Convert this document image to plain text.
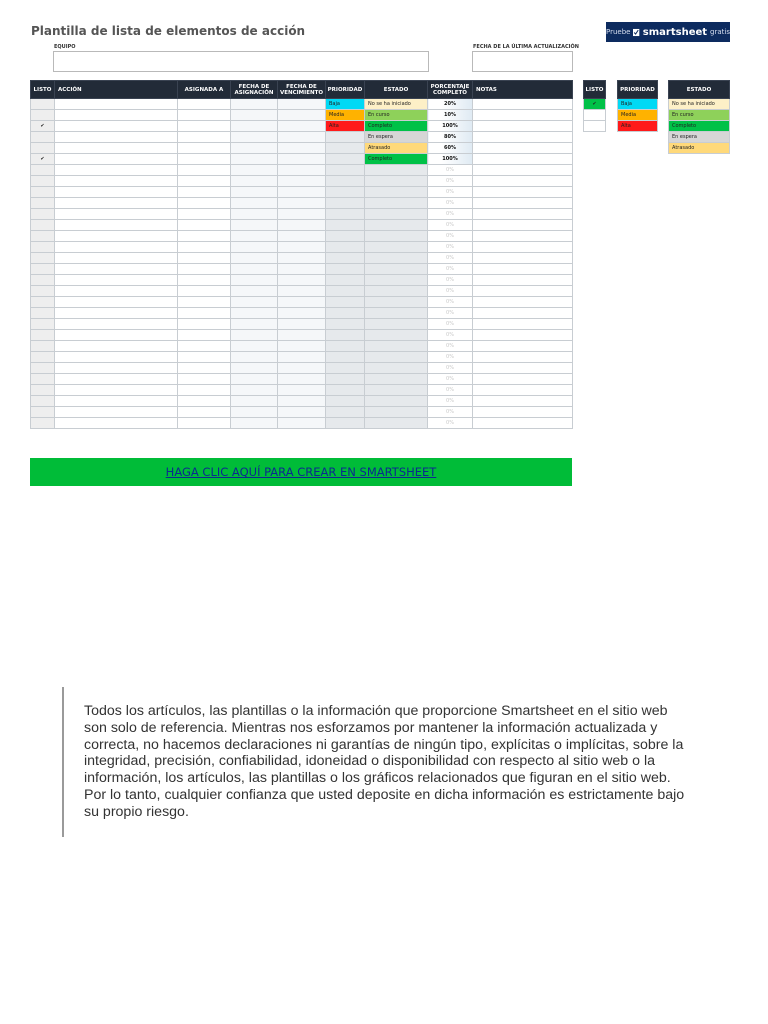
Plantilla de lista de elementos de acción	Pruebe smartsheet gratis
EQUIPO	FECHA DE LA ÚLTIMA ACTUALIZACIÓN
LISTO	ACCIÓN	ASIGNADA A	FECHA DE ASIGNACIÓN	FECHA DE VENCIMIENTO	PRIORIDAD	ESTADO	PORCENTAJE COMPLETO	NOTAS
					Baja	No se ha iniciado	20%	
					Media	En curso	10%	
✔					Alta	Completo	100%	
						En espera	80%	
						Atrasado	60%	
✔						Completo	100%	
							0%	
							0%	
							0%	
							0%	
							0%	
							0%	
							0%	
							0%	
							0%	
							0%	
							0%	
							0%	
							0%	
							0%	
							0%	
							0%	
							0%	
							0%	
							0%	
							0%	
							0%	
							0%	
							0%	
							0%	
LISTO
✔

PRIORIDAD
Baja
Media
Alta
ESTADO
No se ha iniciado
En curso
Completo
En espera
Atrasado
HAGA CLIC AQUÍ PARA CREAR EN SMARTSHEET

Todos los artículos, las plantillas o la información que proporcione Smartsheet en el sitio web son solo de referencia. Mientras nos esforzamos por mantener la información actualizada y correcta, no hacemos declaraciones ni garantías de ningún tipo, explícitas o implícitas, sobre la integridad, precisión, confiabilidad, idoneidad o disponibilidad con respecto al sitio web o la información, los artículos, las plantillas o los gráficos relacionados que figuran en el sitio web. Por lo tanto, cualquier confianza que usted deposite en dicha información es estrictamente bajo su propio riesgo.
